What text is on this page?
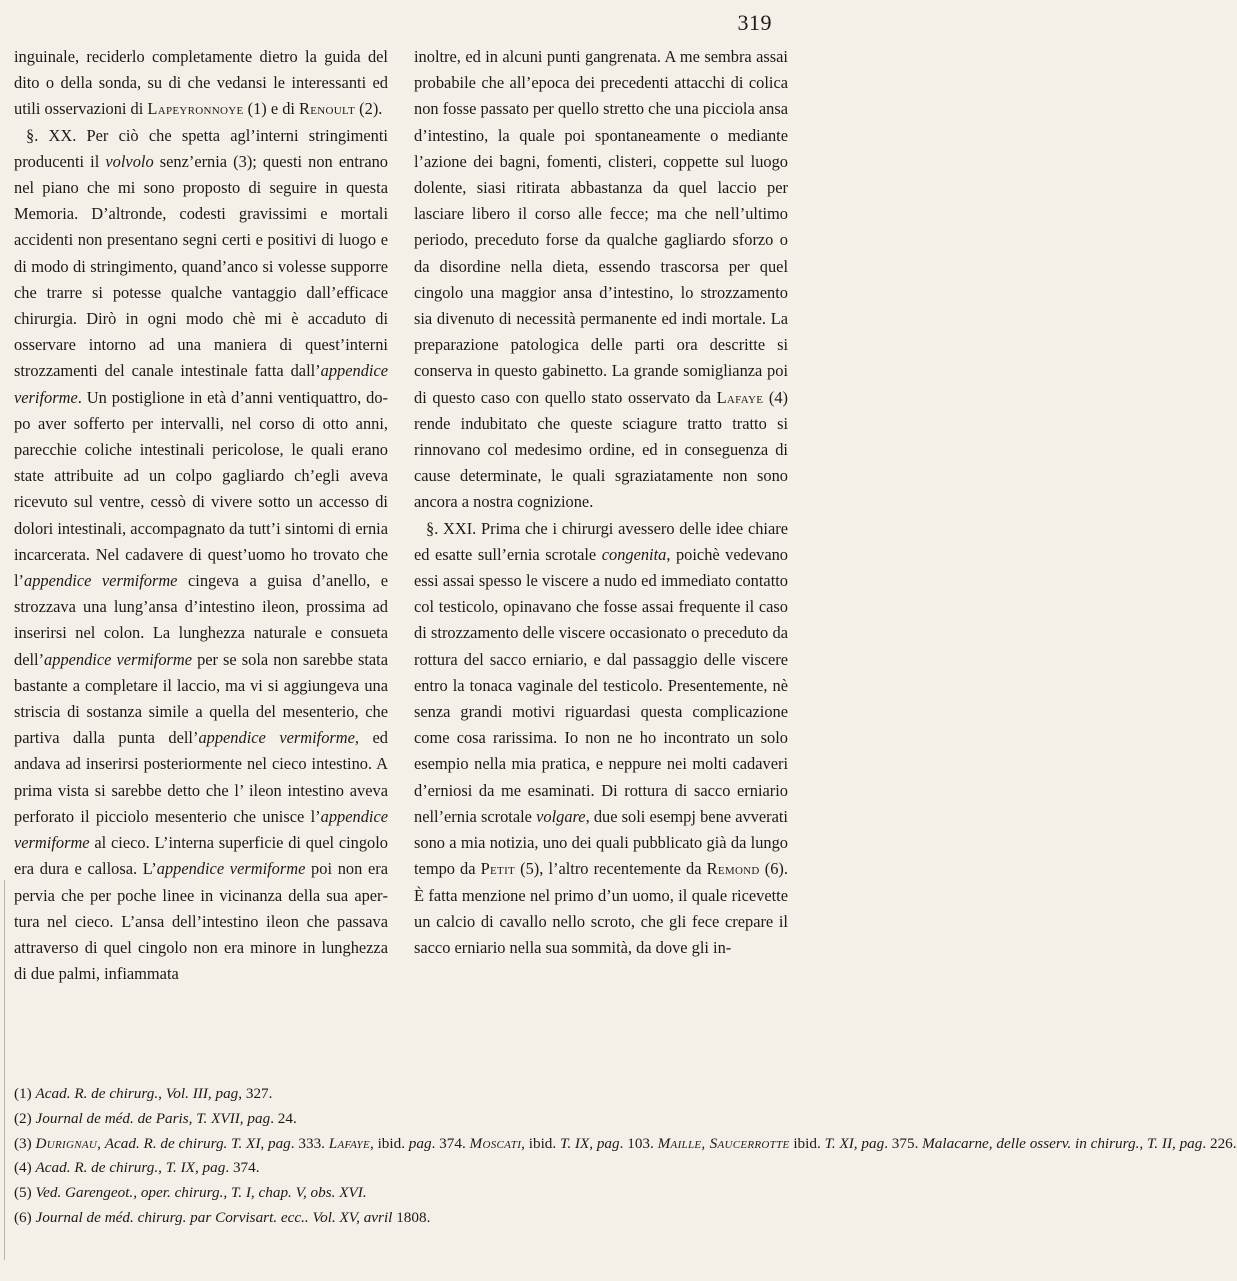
319

inguinale, reciderlo completamente dietro la guida del dito o della sonda, su di che vedansi le interessanti ed utili osservazioni di Lapeyronnoye (1) e di Renoult (2).

§. XX. Per ciò che spetta agl’interni stringimenti producenti il volvolo senz’ernia (3); questi non entrano nel piano che mi sono proposto di seguire in questa Memoria. D’altronde, codesti gravissimi e mortali accidenti non presentano segni certi e positivi di luogo e di modo di stringimento, quand’anco si volesse supporre che trarre si potesse qualche vantaggio dall’efficace chirurgia. Dirò in ogni modo chè mi è accaduto di osservare intorno ad una maniera di quest’interni strozzamenti del canale intestinale fatta dall’appendice veriforme. Un postiglione in età d’anni ventiquattro, dopo aver sofferto per intervalli, nel corso di otto anni, parecchie coliche intestinali pericolose, le quali erano state attribuite ad un colpo gagliardo ch’egli aveva ricevuto sul ventre, cessò di vivere sotto un accesso di dolori intestinali, accompagnato da tutt’i sintomi di ernia incarcerata. Nel cadavere di quest’uomo ho trovato che l’appendice vermiforme cingeva a guisa d’anello, e strozzava una lung’ansa d’intestino ileon, prossima ad inserirsi nel colon. La lunghezza naturale e consueta dell’appendice vermiforme per se sola non sarebbe stata bastante a completare il laccio, ma vi si aggiungeva una striscia di sostanza simile a quella del mesenterio, che partiva dalla punta dell’appendice vermiforme, ed andava ad inserirsi posteriormente nel cieco intestino. A prima vista si sarebbe detto che l’ ileon intestino aveva perforato il picciolo mesenterio che unisce l’appendice vermiforme al cieco. L’interna superficie di quel cingolo era dura e callosa. L’appendice vermiforme poi non era pervia che per poche linee in vicinanza della sua apertura nel cieco. L’ansa dell’intestino ileon che passava attraverso di quel cingolo non era minore in lunghezza di due palmi, infiammata

inoltre, ed in alcuni punti gangrenata. A me sembra assai probabile che all’epoca dei precedenti attacchi di colica non fosse passato per quello stretto che una picciola ansa d’intestino, la quale poi spontaneamente o mediante l’azione dei bagni, fomenti, clisteri, coppette sul luogo dolente, siasi ritirata abbastanza da quel laccio per lasciare libero il corso alle fecce; ma che nell’ultimo periodo, preceduto forse da qualche gagliardo sforzo o da disordine nella dieta, essendo trascorsa per quel cingolo una maggior ansa d’intestino, lo strozzamento sia divenuto di necessità permanente ed indi mortale. La preparazione patologica delle parti ora descritte si conserva in questo gabinetto. La grande somiglianza poi di questo caso con quello stato osservato da Lafaye (4) rende indubitato che queste sciagure tratto tratto si rinnovano col medesimo ordine, ed in conseguenza di cause determinate, le quali sgraziatamente non sono ancora a nostra cognizione.

§. XXI. Prima che i chirurgi avessero delle idee chiare ed esatte sull’ernia scrotale congenita, poichè vedevano essi assai spesso le viscere a nudo ed immediato contatto col testicolo, opinavano che fosse assai frequente il caso di strozzamento delle viscere occasionato o preceduto da rottura del sacco erniario, e dal passaggio delle viscere entro la tonaca vaginale del testicolo. Presentemente, nè senza grandi motivi riguardasi questa complicazione come cosa rarissima. Io non ne ho incontrato un solo esempio nella mia pratica, e neppure nei molti cadaveri d’erniosi da me esaminati. Di rottura di sacco erniario nell’ernia scrotale volgare, due soli esempj bene avverati sono a mia notizia, uno dei quali pubblicato già da lungo tempo da Petit (5), l’altro recentemente da Remond (6). È fatta menzione nel primo d’un uomo, il quale ricevette un calcio di cavallo nello scroto, che gli fece crepare il sacco erniario nella sua sommità, da dove gli in-

(1) Acad. R. de chirurg., Vol. III, pag, 327.
(2) Journal de méd. de Paris, T. XVII, pag. 24.
(3) Durignau, Acad. R. de chirurg. T. XI, pag. 333. Lafaye, ibid. pag. 374. Moscati, ibid. T. IX, pag. 103. Maille, Saucerrotte ibid. T. XI, pag. 375. Malacarne, delle osserv. in chirurg., T. II, pag. 226.
(4) Acad. R. de chirurg., T. IX, pag. 374.
(5) Ved. Garengeot., oper. chirurg., T. I, chap. V, obs. XVI.
(6) Journal de méd. chirurg. par Corvisart. ecc.. Vol. XV, avril 1808.
